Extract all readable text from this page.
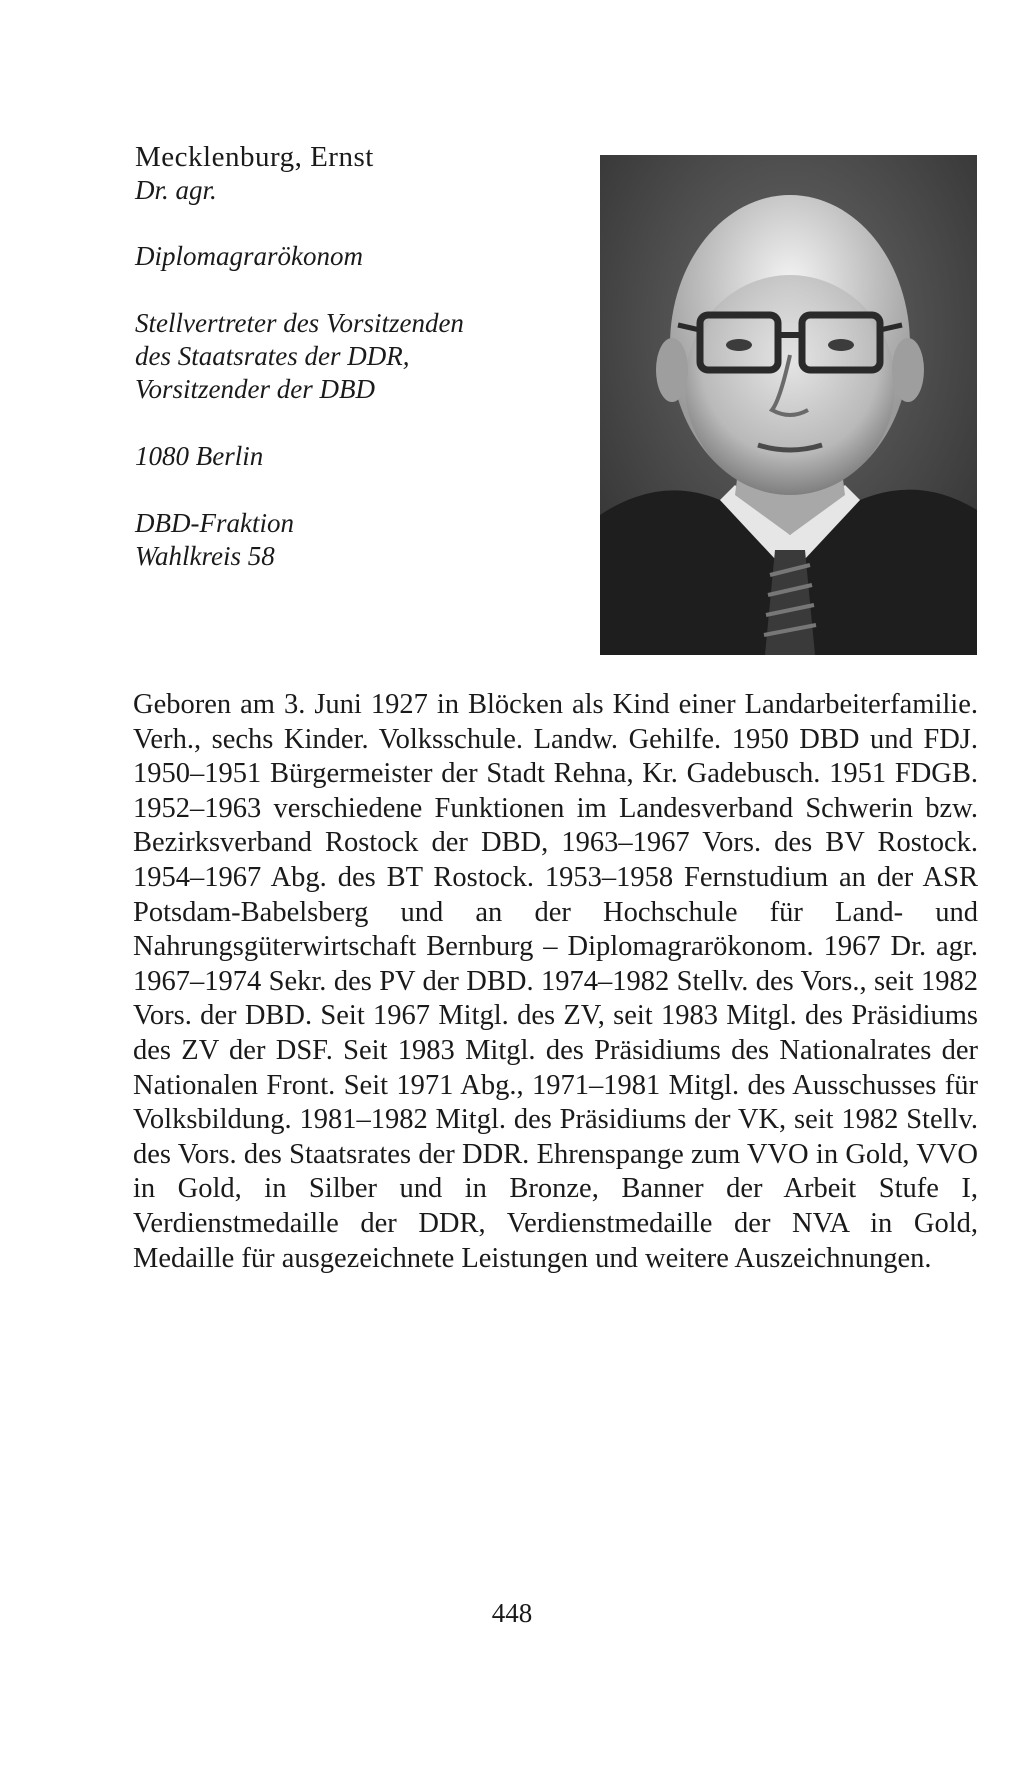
Mecklenburg, Ernst
Dr. agr.
Diplomagrarökonom
Stellvertreter des Vorsitzenden
des Staatsrates der DDR,
Vorsitzender der DBD
1080 Berlin
DBD-Fraktion
Wahlkreis 58
Geboren am 3. Juni 1927 in Blöcken als Kind einer Landarbeiterfamilie. Verh., sechs Kinder. Volksschule. Landw. Gehilfe. 1950 DBD und FDJ. 1950–1951 Bürgermeister der Stadt Rehna, Kr. Gadebusch. 1951 FDGB. 1952–1963 verschiedene Funktionen im Landesverband Schwerin bzw. Bezirksverband Rostock der DBD, 1963–1967 Vors. des BV Rostock. 1954–1967 Abg. des BT Rostock. 1953–1958 Fernstudium an der ASR Potsdam-Babelsberg und an der Hochschule für Land- und Nahrungsgüterwirtschaft Bernburg – Diplomagrarökonom. 1967 Dr. agr. 1967–1974 Sekr. des PV der DBD. 1974–1982 Stellv. des Vors., seit 1982 Vors. der DBD. Seit 1967 Mitgl. des ZV, seit 1983 Mitgl. des Präsidiums des ZV der DSF. Seit 1983 Mitgl. des Präsidiums des Nationalrates der Nationalen Front. Seit 1971 Abg., 1971–1981 Mitgl. des Ausschusses für Volksbildung. 1981–1982 Mitgl. des Präsidiums der VK, seit 1982 Stellv. des Vors. des Staatsrates der DDR. Ehrenspange zum VVO in Gold, VVO in Gold, in Silber und in Bronze, Banner der Arbeit Stufe I, Verdienstmedaille der DDR, Verdienstmedaille der NVA in Gold, Medaille für ausgezeichnete Leistungen und weitere Auszeichnungen.
448
